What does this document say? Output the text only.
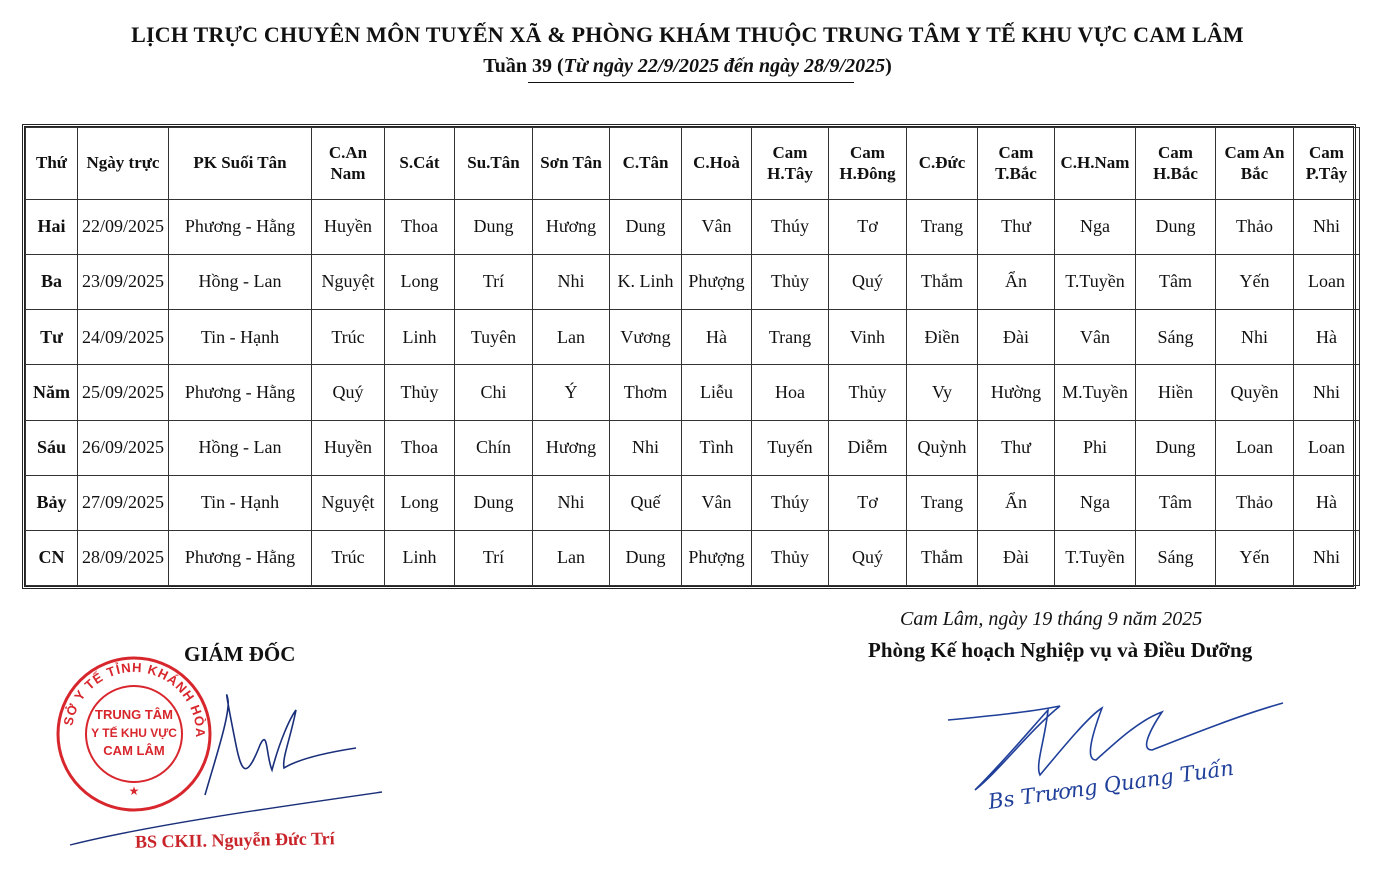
LỊCH TRỰC CHUYÊN MÔN TUYẾN XÃ & PHÒNG KHÁM THUỘC TRUNG TÂM Y TẾ KHU VỰC CAM LÂM
Tuần 39 (Từ ngày 22/9/2025 đến ngày 28/9/2025)
Thứ	Ngày trực	PK Suối Tân	C.An Nam	S.Cát	Su.Tân	Sơn Tân	C.Tân	C.Hoà	Cam H.Tây	Cam H.Đông	C.Đức	Cam T.Bắc	C.H.Nam	Cam H.Bắc	Cam An Bắc	Cam P.Tây
Hai	22/09/2025	Phương - Hằng	Huyền	Thoa	Dung	Hương	Dung	Vân	Thúy	Tơ	Trang	Thư	Nga	Dung	Thảo	Nhi
Ba	23/09/2025	Hồng - Lan	Nguyệt	Long	Trí	Nhi	K. Linh	Phượng	Thủy	Quý	Thắm	Ẩn	T.Tuyền	Tâm	Yến	Loan
Tư	24/09/2025	Tin - Hạnh	Trúc	Linh	Tuyên	Lan	Vương	Hà	Trang	Vinh	Điền	Đài	Vân	Sáng	Nhi	Hà
Năm	25/09/2025	Phương - Hằng	Quý	Thủy	Chi	Ý	Thơm	Liễu	Hoa	Thủy	Vy	Hường	M.Tuyền	Hiền	Quyền	Nhi
Sáu	26/09/2025	Hồng - Lan	Huyền	Thoa	Chín	Hương	Nhi	Tình	Tuyến	Diễm	Quỳnh	Thư	Phi	Dung	Loan	Loan
Bảy	27/09/2025	Tin - Hạnh	Nguyệt	Long	Dung	Nhi	Quế	Vân	Thúy	Tơ	Trang	Ẩn	Nga	Tâm	Thảo	Hà
CN	28/09/2025	Phương - Hằng	Trúc	Linh	Trí	Lan	Dung	Phượng	Thủy	Quý	Thắm	Đài	T.Tuyền	Sáng	Yến	Nhi
Cam Lâm, ngày 19 tháng 9 năm 2025
Phòng Kế hoạch Nghiệp vụ và Điều Dưỡng
GIÁM ĐỐC
SỞ Y TẾ TỈNH KHÁNH HÒA
TRUNG TÂM
Y TẾ KHU VỰC
CAM LÂM
★
BS CKII. Nguyễn Đức Trí
Bs Trương Quang Tuấn
